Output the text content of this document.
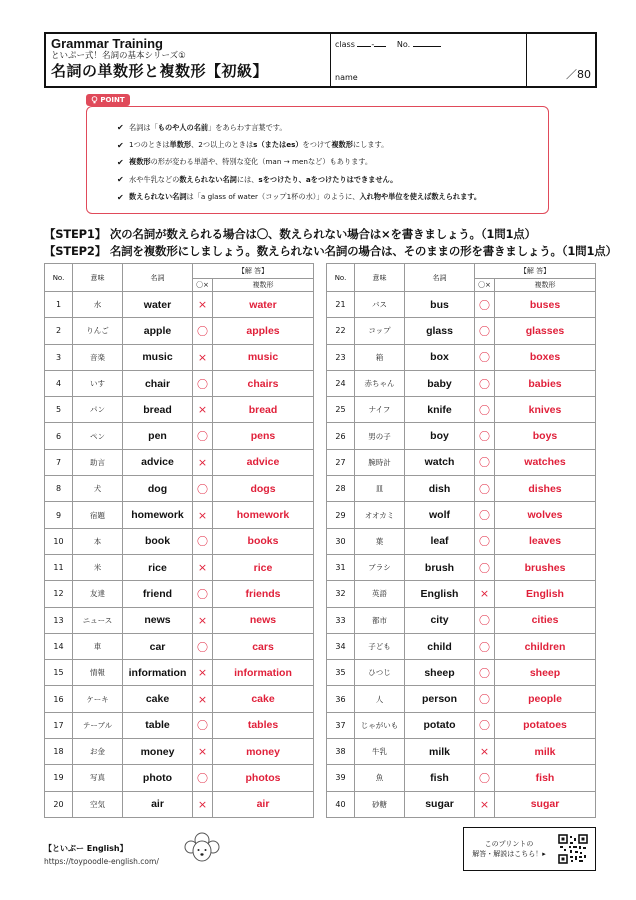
Grammar Training
といぷー式！名詞の基本シリーズ①
名詞の単数形と複数形【初級】
class -	No.
name	／80
POINT
✔ 名詞は「ものや人の名前」をあらわす言葉です。
✔ 1つのときは単数形、2つ以上のときはs（またはes）をつけて複数形にします。
✔ 複数形の形が変わる単語や、特別な変化（man → menなど）もあります。
✔ 水や牛乳などの数えられない名詞には、sをつけたり、aをつけたりはできません。
✔ 数えられない名詞は「a glass of water（コップ1杯の水）」のように、入れ物や単位を使えば数えられます。
【STEP1】 次の名詞が数えられる場合は〇、数えられない場合は×を書きましょう。（1問1点）
【STEP2】 名詞を複数形にしましょう。数えられない名詞の場合は、そのままの形を書きましょう。（1問1点）
No.	意味	名詞	【解 答】	
			〇×	複数形
1	水	water	×	water
2	りんご	apple	〇	apples
3	音楽	music	×	music
4	いす	chair	〇	chairs
5	パン	bread	×	bread
6	ペン	pen	〇	pens
7	助言	advice	×	advice
8	犬	dog	〇	dogs
9	宿題	homework	×	homework
10	本	book	〇	books
11	米	rice	×	rice
12	友達	friend	〇	friends
13	ニュース	news	×	news
14	車	car	〇	cars
15	情報	information	×	information
16	ケーキ	cake	×	cake
17	テーブル	table	〇	tables
18	お金	money	×	money
19	写真	photo	〇	photos
20	空気	air	×	air
No.	意味	名詞	【解 答】	
			〇×	複数形
21	バス	bus	〇	buses
22	コップ	glass	〇	glasses
23	箱	box	〇	boxes
24	赤ちゃん	baby	〇	babies
25	ナイフ	knife	〇	knives
26	男の子	boy	〇	boys
27	腕時計	watch	〇	watches
28	皿	dish	〇	dishes
29	オオカミ	wolf	〇	wolves
30	葉	leaf	〇	leaves
31	ブラシ	brush	〇	brushes
32	英語	English	×	English
33	都市	city	〇	cities
34	子ども	child	〇	children
35	ひつじ	sheep	〇	sheep
36	人	person	〇	people
37	じゃがいも	potato	〇	potatoes
38	牛乳	milk	×	milk
39	魚	fish	〇	fish
40	砂糖	sugar	×	sugar
【といぷー English】
https://toypoodle-english.com/
このプリントの
解答・解説はこちら！▸
